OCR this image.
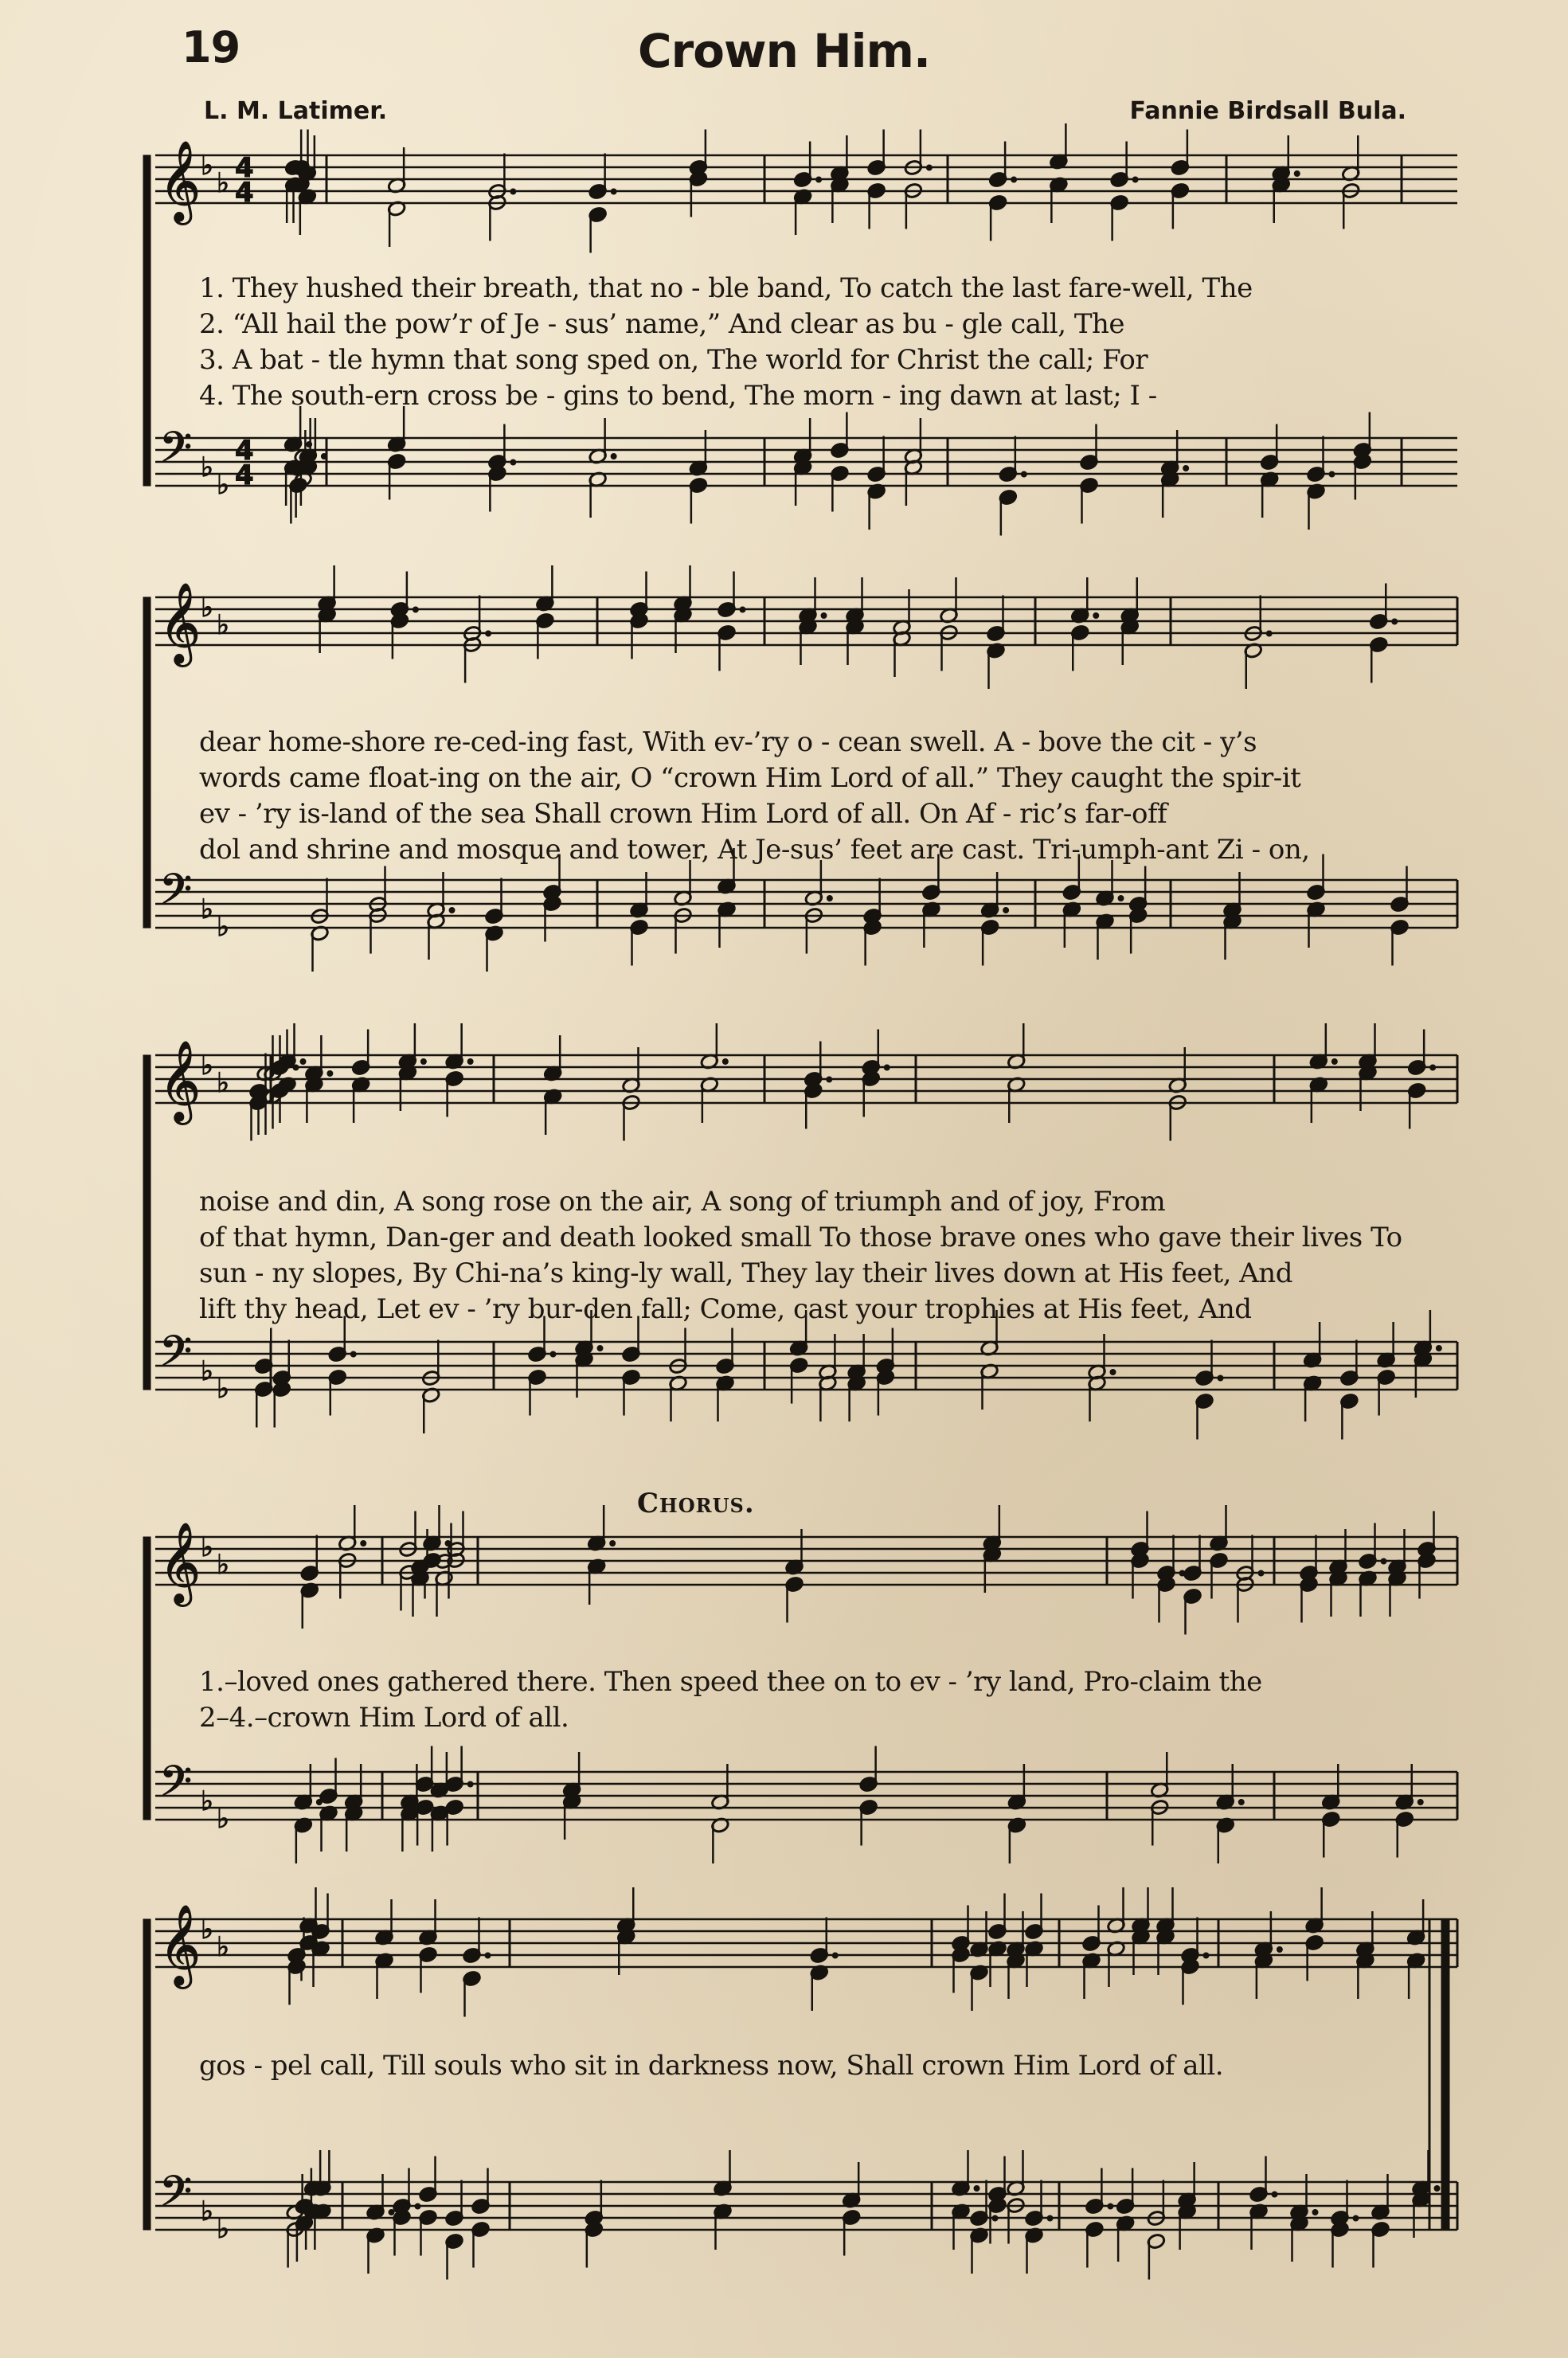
19	Crown Him.
L. M. Latimer.	Fannie Birdsall Bula.
𝄞 ♭
♭ 4
4
𝄢 ♭
♭
4
4
1. They hushed their breath, that no - ble band, To catch the last fare-well, The
2. “All hail the pow’r of Je - sus’ name,” And clear as bu - gle call, The
3. A bat - tle hymn that song sped on, The world for Christ the call; For
4. The south-ern cross be - gins to bend, The morn - ing dawn at last; I -
𝄞 ♭
♭
𝄢 ♭
♭
dear home-shore re-ced-ing fast, With ev-’ry o - cean swell. A - bove the cit - y’s
words came float-ing on the air, O “crown Him Lord of all.” They caught the spir-it
ev - ’ry is-land of the sea Shall crown Him Lord of all. On Af - ric’s far-off
dol and shrine and mosque and tower, At Je-sus’ feet are cast. Tri-umph-ant Zi - on,
𝄞 ♭
♭
𝄢 ♭
♭
noise and din, A song rose on the air, A song of triumph and of joy, From
of that hymn, Dan-ger and death looked small To those brave ones who gave their lives To
sun - ny slopes, By Chi-na’s king-ly wall, They lay their lives down at His feet, And
lift thy head, Let ev - ’ry bur-den fall; Come, cast your trophies at His feet, And
Chorus.
𝄞 ♭
♭
𝄢 ♭
♭
1.–loved ones gathered there. Then speed thee on to ev - ’ry land, Pro-claim the
2–4.–crown Him Lord of all.
𝄞 ♭
♭
𝄢 ♭
♭
gos - pel call, Till souls who sit in darkness now, Shall crown Him Lord of all.
